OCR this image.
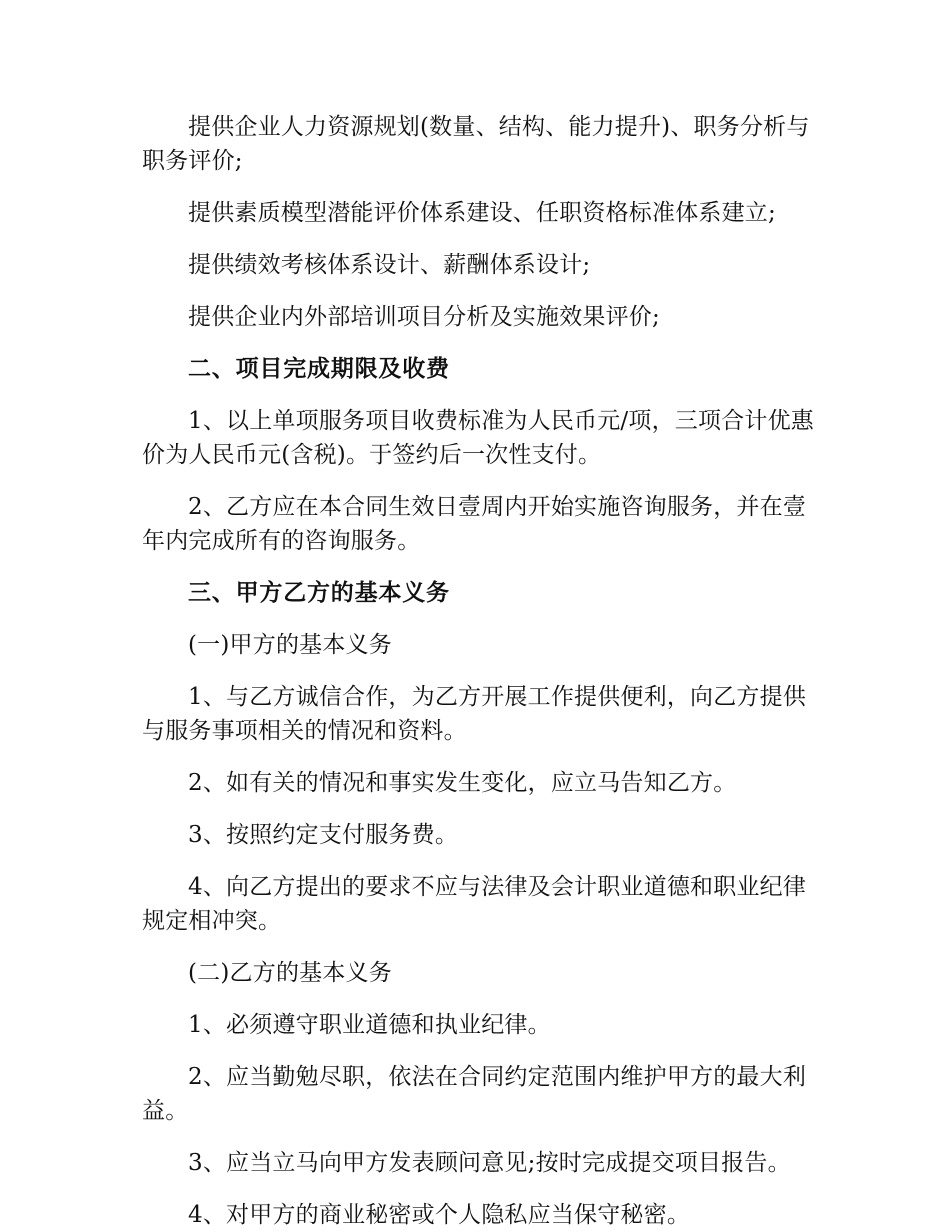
提供企业人力资源规划(数量、结构、能力提升)、职务分析与职务评价;

提供素质模型潜能评价体系建设、任职资格标准体系建立;

提供绩效考核体系设计、薪酬体系设计;

提供企业内外部培训项目分析及实施效果评价;

二、项目完成期限及收费

1、以上单项服务项目收费标准为人民币元/项，三项合计优惠价为人民币元(含税)。于签约后一次性支付。

2、乙方应在本合同生效日壹周内开始实施咨询服务，并在壹年内完成所有的咨询服务。

三、甲方乙方的基本义务

(一)甲方的基本义务

1、与乙方诚信合作，为乙方开展工作提供便利，向乙方提供与服务事项相关的情况和资料。

2、如有关的情况和事实发生变化，应立马告知乙方。

3、按照约定支付服务费。

4、向乙方提出的要求不应与法律及会计职业道德和职业纪律规定相冲突。

(二)乙方的基本义务

1、必须遵守职业道德和执业纪律。

2、应当勤勉尽职，依法在合同约定范围内维护甲方的最大利益。

3、应当立马向甲方发表顾问意见;按时完成提交项目报告。

4、对甲方的商业秘密或个人隐私应当保守秘密。
